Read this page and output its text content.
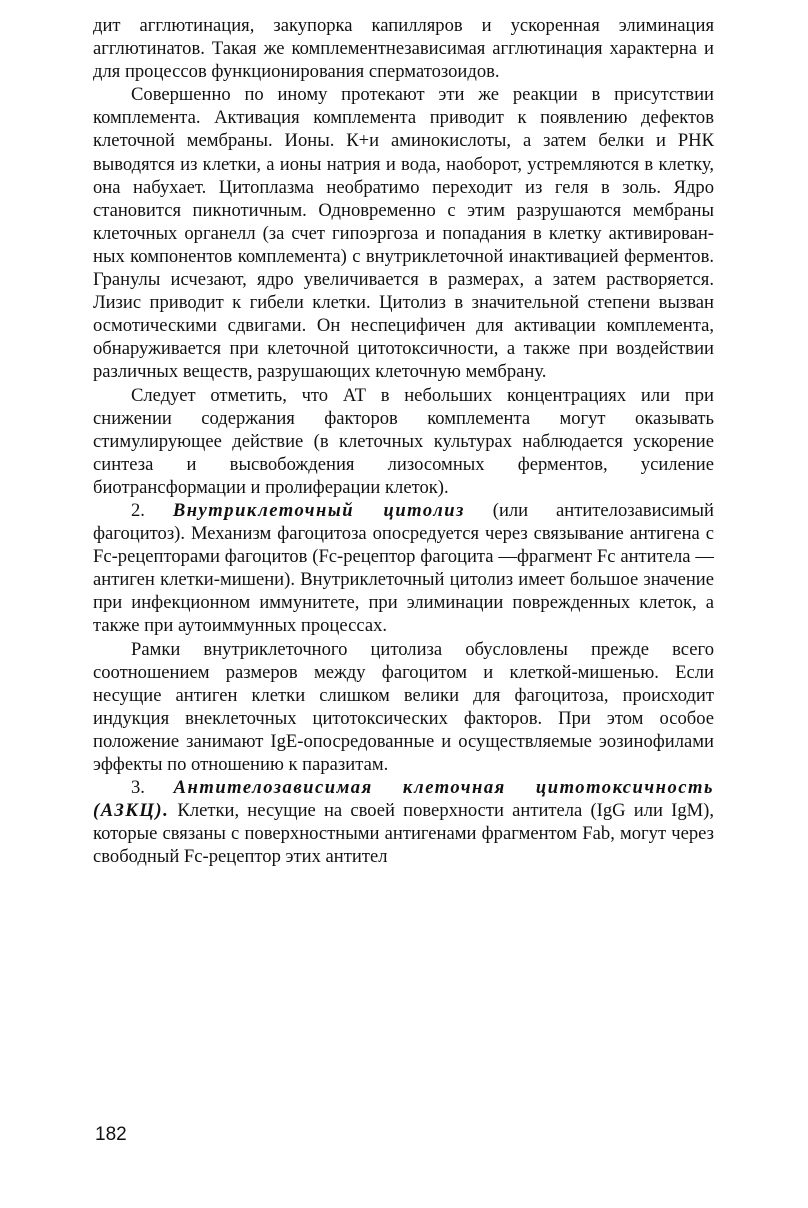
дит агглютинация, закупорка капилляров и ускоренная элиминация агглютинатов. Такая же комплементнезависимая агглютинация характерна и для процессов функционирования сперматозоидов.

Совершенно по иному протекают эти же реакции в присутствии комплемента. Активация комплемента приводит к появлению дефектов клеточной мембраны. Ионы. К+и аминокислоты, а затем белки и РНК выводятся из клетки, а ионы натрия и вода, наоборот, устремляются в клетку, она набухает. Цитоплазма необратимо переходит из геля в золь. Ядро становится пикнотичным. Одновременно с этим разрушаются мембраны клеточных органелл (за счет гипоэргоза и попадания в клетку активированных компонентов комплемента) с внутриклеточной инактивацией ферментов. Гранулы исчезают, ядро увеличивается в размерах, а затем растворяется. Лизис приводит к гибели клетки. Цитолиз в значительной степени вызван осмотическими сдвигами. Он неспецифичен для активации комплемента, обнаруживается при клеточной цитотоксичности, а также при воздействии различных веществ, разрушающих клеточную мембрану.

Следует отметить, что АТ в небольших концентрациях или при снижении содержания факторов комплемента могут оказывать стимулирующее действие (в клеточных культурах наблюдается ускорение синтеза и высвобождения лизосомных ферментов, усиление биотрансформации и пролиферации клеток).

2. Внутриклеточный цитолиз (или антителозависимый фагоцитоз). Механизм фагоцитоза опосредуется через связывание антигена с Fc-рецепторами фагоцитов (Fc-рецептор фагоцита —фрагмент Fc антитела —антиген клетки-мишени). Внутриклеточный цитолиз имеет большое значение при инфекционном иммунитете, при элиминации поврежденных клеток, а также при аутоиммунных процессах.

Рамки внутриклеточного цитолиза обусловлены прежде всего соотношением размеров между фагоцитом и клеткой-мишенью. Если несущие антиген клетки слишком велики для фагоцитоза, происходит индукция внеклеточных цитотоксических факторов. При этом особое положение занимают IgE-опосредованные и осуществляемые эозинофилами эффекты по отношению к паразитам.

3. Антителозависимая клеточная цитотоксичность (АЗКЦ). Клетки, несущие на своей поверхности антитела (IgG или IgM), которые связаны с поверхностными антигенами фрагментом Fab, могут через свободный Fc-рецептор этих антител

182
